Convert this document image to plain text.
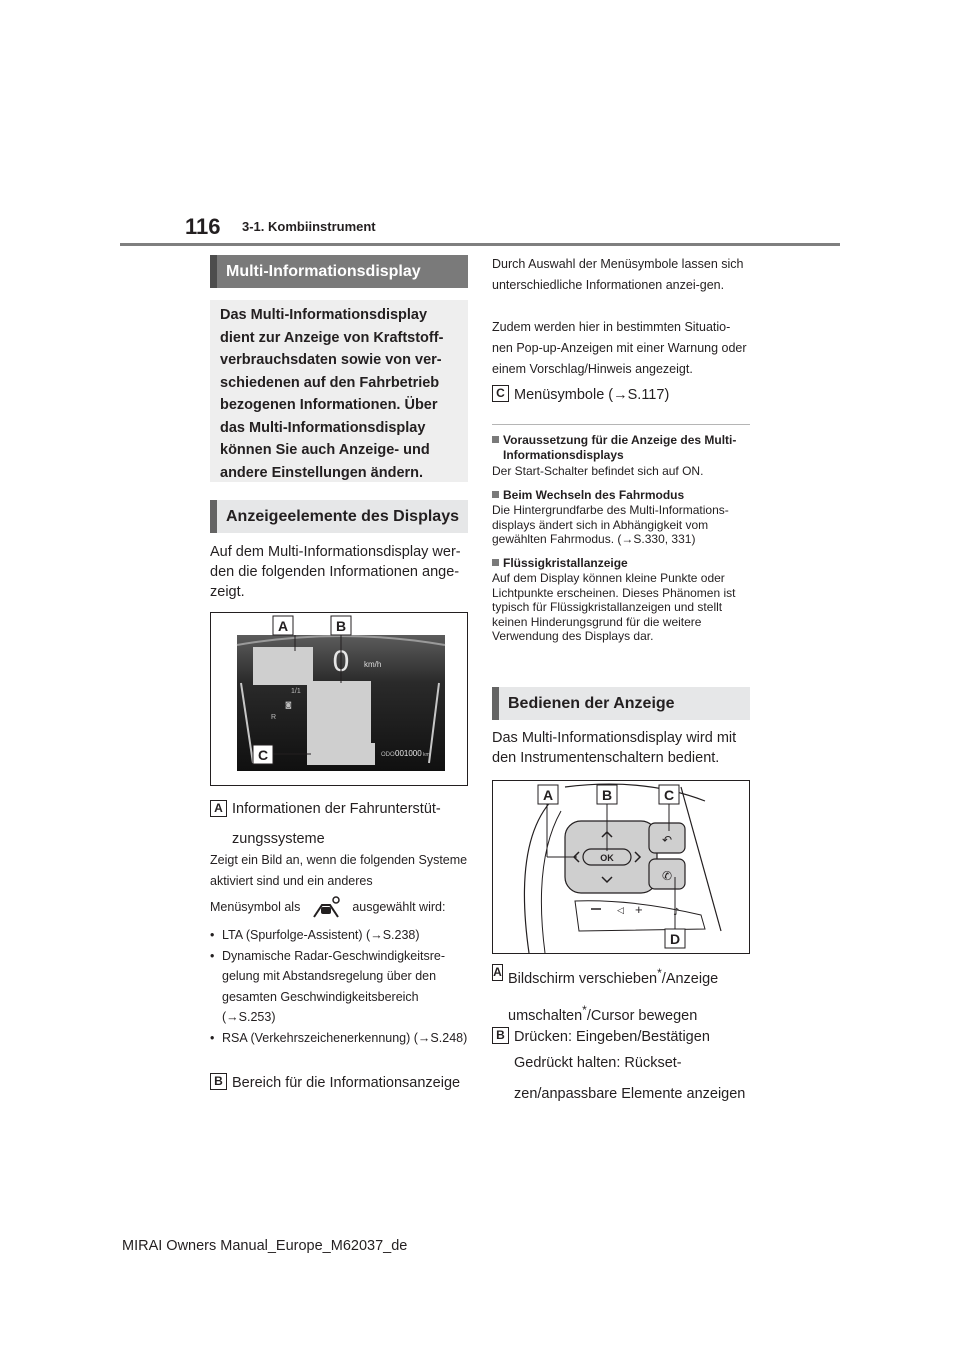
116 3-1. Kombiinstrument
Multi-Informationsdisplay
Das Multi-Informationsdisplay dient zur Anzeige von Kraftstoff-verbrauchsdaten sowie von ver-schiedenen auf den Fahrbetrieb bezogenen Informationen. Über das Multi-Informationsdisplay können Sie auch Anzeige- und andere Einstellungen ändern.
Anzeigeelemente des Displays
Auf dem Multi-Informationsdisplay wer-den die folgenden Informationen ange-zeigt.
0 km/h
1/1
◙
R
ODO 001000 km
A	B
C
A Informationen der Fahrunterstüt-zungssysteme
Zeigt ein Bild an, wenn die folgenden Systeme aktiviert sind und ein anderes
Menüsymbol als	ausgewählt wird:
• LTA (Spurfolge-Assistent) (→S.238)
• Dynamische Radar-Geschwindigkeitsre-gelung mit Abstandsregelung über den gesamten Geschwindigkeitsbereich (→S.253)
• RSA (Verkehrszeichenerkennung) (→S.248)
B Bereich für die Informationsanzeige
Durch Auswahl der Menüsymbole lassen sich unterschiedliche Informationen anzei-gen.
Zudem werden hier in bestimmten Situatio-nen Pop-up-Anzeigen mit einer Warnung oder einem Vorschlag/Hinweis angezeigt.
C Menüsymbole (→S.117)
Voraussetzung für die Anzeige des Multi-Informationsdisplays
Der Start-Schalter befindet sich auf ON.
Beim Wechseln des Fahrmodus
Die Hintergrundfarbe des Multi-Informations-displays ändert sich in Abhängigkeit vom gewählten Fahrmodus. (→S.330, 331)
Flüssigkristallanzeige
Auf dem Display können kleine Punkte oder Lichtpunkte erscheinen. Dieses Phänomen ist typisch für Flüssigkristallanzeigen und stellt keinen Hinderungsgrund für die weitere Verwendung des Displays dar.
Bedienen der Anzeige
Das Multi-Informationsdisplay wird mit den Instrumentenschaltern bedient.
↶
✆
OK
◁ +	♪
A	B	C
D
A Bildschirm verschieben*/Anzeige umschalten*/Cursor bewegen
B Drücken: Eingeben/Bestätigen
Gedrückt halten: Rückset-zen/anpassbare Elemente anzeigen
MIRAI Owners Manual_Europe_M62037_de
